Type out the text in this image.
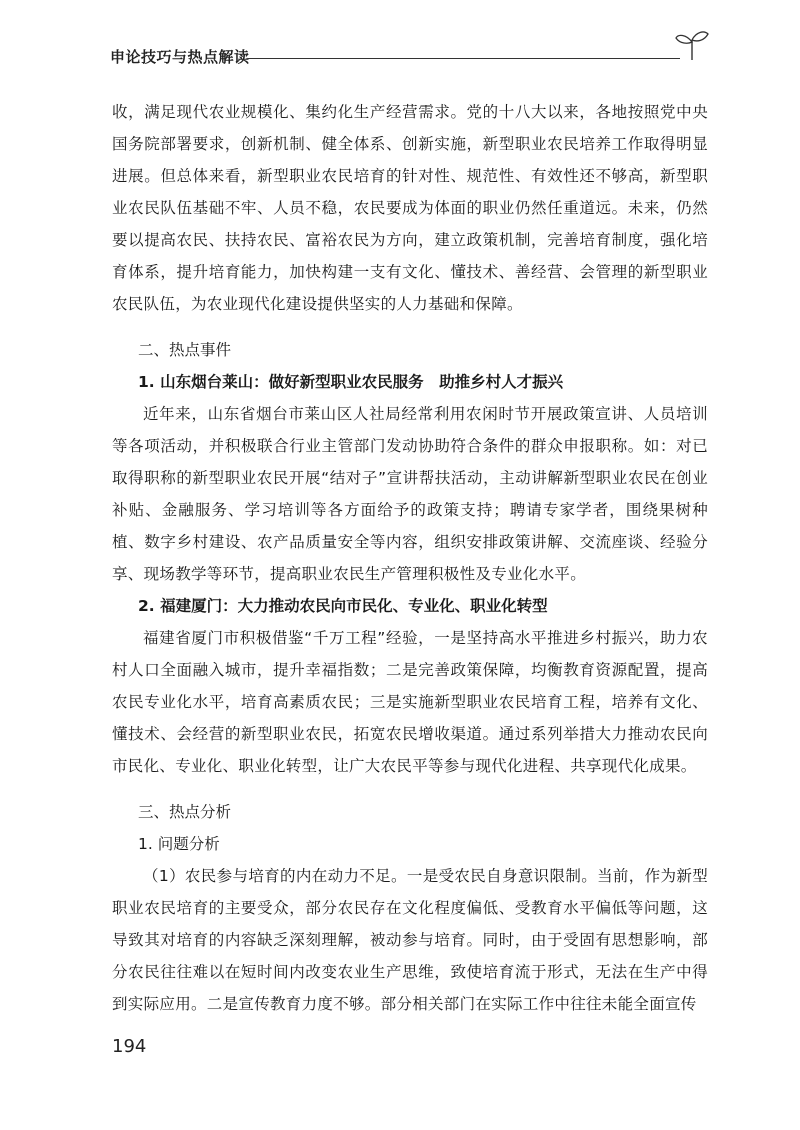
申论技巧与热点解读

收，满足现代农业规模化、集约化生产经营需求。党的十八大以来，各地按照党中央国务院部署要求，创新机制、健全体系、创新实施，新型职业农民培养工作取得明显进展。但总体来看，新型职业农民培育的针对性、规范性、有效性还不够高，新型职业农民队伍基础不牢、人员不稳，农民要成为体面的职业仍然任重道远。未来，仍然要以提高农民、扶持农民、富裕农民为方向，建立政策机制，完善培育制度，强化培育体系，提升培育能力，加快构建一支有文化、懂技术、善经营、会管理的新型职业农民队伍，为农业现代化建设提供坚实的人力基础和保障。

二、热点事件
1. 山东烟台莱山：做好新型职业农民服务　助推乡村人才振兴

近年来，山东省烟台市莱山区人社局经常利用农闲时节开展政策宣讲、人员培训等各项活动，并积极联合行业主管部门发动协助符合条件的群众申报职称。如：对已取得职称的新型职业农民开展“结对子”宣讲帮扶活动，主动讲解新型职业农民在创业补贴、金融服务、学习培训等各方面给予的政策支持；聘请专家学者，围绕果树种植、数字乡村建设、农产品质量安全等内容，组织安排政策讲解、交流座谈、经验分享、现场教学等环节，提高职业农民生产管理积极性及专业化水平。

2. 福建厦门：大力推动农民向市民化、专业化、职业化转型

福建省厦门市积极借鉴“千万工程”经验，一是坚持高水平推进乡村振兴，助力农村人口全面融入城市，提升幸福指数；二是完善政策保障，均衡教育资源配置，提高农民专业化水平，培育高素质农民；三是实施新型职业农民培育工程，培养有文化、懂技术、会经营的新型职业农民，拓宽农民增收渠道。通过系列举措大力推动农民向市民化、专业化、职业化转型，让广大农民平等参与现代化进程、共享现代化成果。

三、热点分析
1. 问题分析

（1）农民参与培育的内在动力不足。一是受农民自身意识限制。当前，作为新型职业农民培育的主要受众，部分农民存在文化程度偏低、受教育水平偏低等问题，这导致其对培育的内容缺乏深刻理解，被动参与培育。同时，由于受固有思想影响，部分农民往往难以在短时间内改变农业生产思维，致使培育流于形式，无法在生产中得到实际应用。二是宣传教育力度不够。部分相关部门在实际工作中往往未能全面宣传

194
